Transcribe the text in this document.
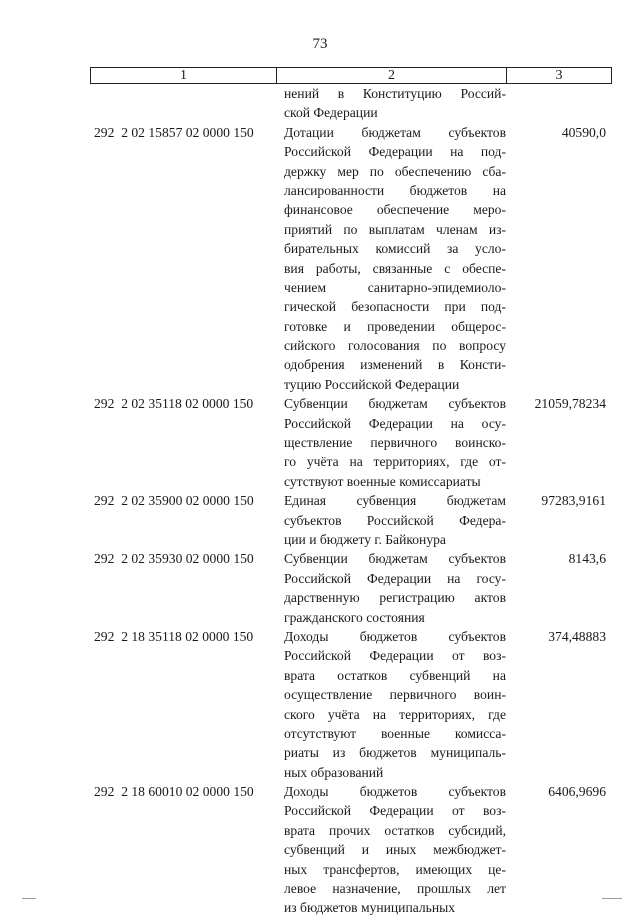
73
1	2	3
нений в Конституцию Россий-
ской Федерации
292  2 02 15857 02 0000 150	Дотации бюджетам субъектов
Российской Федерации на под-
держку мер по обеспечению сба-
лансированности бюджетов на
финансовое обеспечение меро-
приятий по выплатам членам из-
бирательных комиссий за усло-
вия работы, связанные с обеспе-
чением санитарно-эпидемиоло-
гической безопасности при под-
готовке и проведении общерос-
сийского голосования по вопросу
одобрения изменений в Консти-
туцию Российской Федерации
40590,0
292  2 02 35118 02 0000 150	Субвенции бюджетам субъектов
Российской Федерации на осу-
ществление первичного воинско-
го учёта на территориях, где от-
сутствуют военные комиссариаты
21059,78234
292  2 02 35900 02 0000 150	Единая субвенция бюджетам
субъектов Российской Федера-
ции и бюджету г. Байконура
97283,9161
292  2 02 35930 02 0000 150	Субвенции бюджетам субъектов
Российской Федерации на госу-
дарственную регистрацию актов
гражданского состояния
8143,6
292  2 18 35118 02 0000 150	Доходы бюджетов субъектов
Российской Федерации от воз-
врата остатков субвенций на
осуществление первичного воин-
ского учёта на территориях, где
отсутствуют военные комисса-
риаты из бюджетов муниципаль-
ных образований
374,48883
292  2 18 60010 02 0000 150	Доходы бюджетов субъектов
Российской Федерации от воз-
врата прочих остатков субсидий,
субвенций и иных межбюджет-
ных трансфертов, имеющих це-
левое назначение, прошлых лет
из бюджетов муниципальных
6406,9696
